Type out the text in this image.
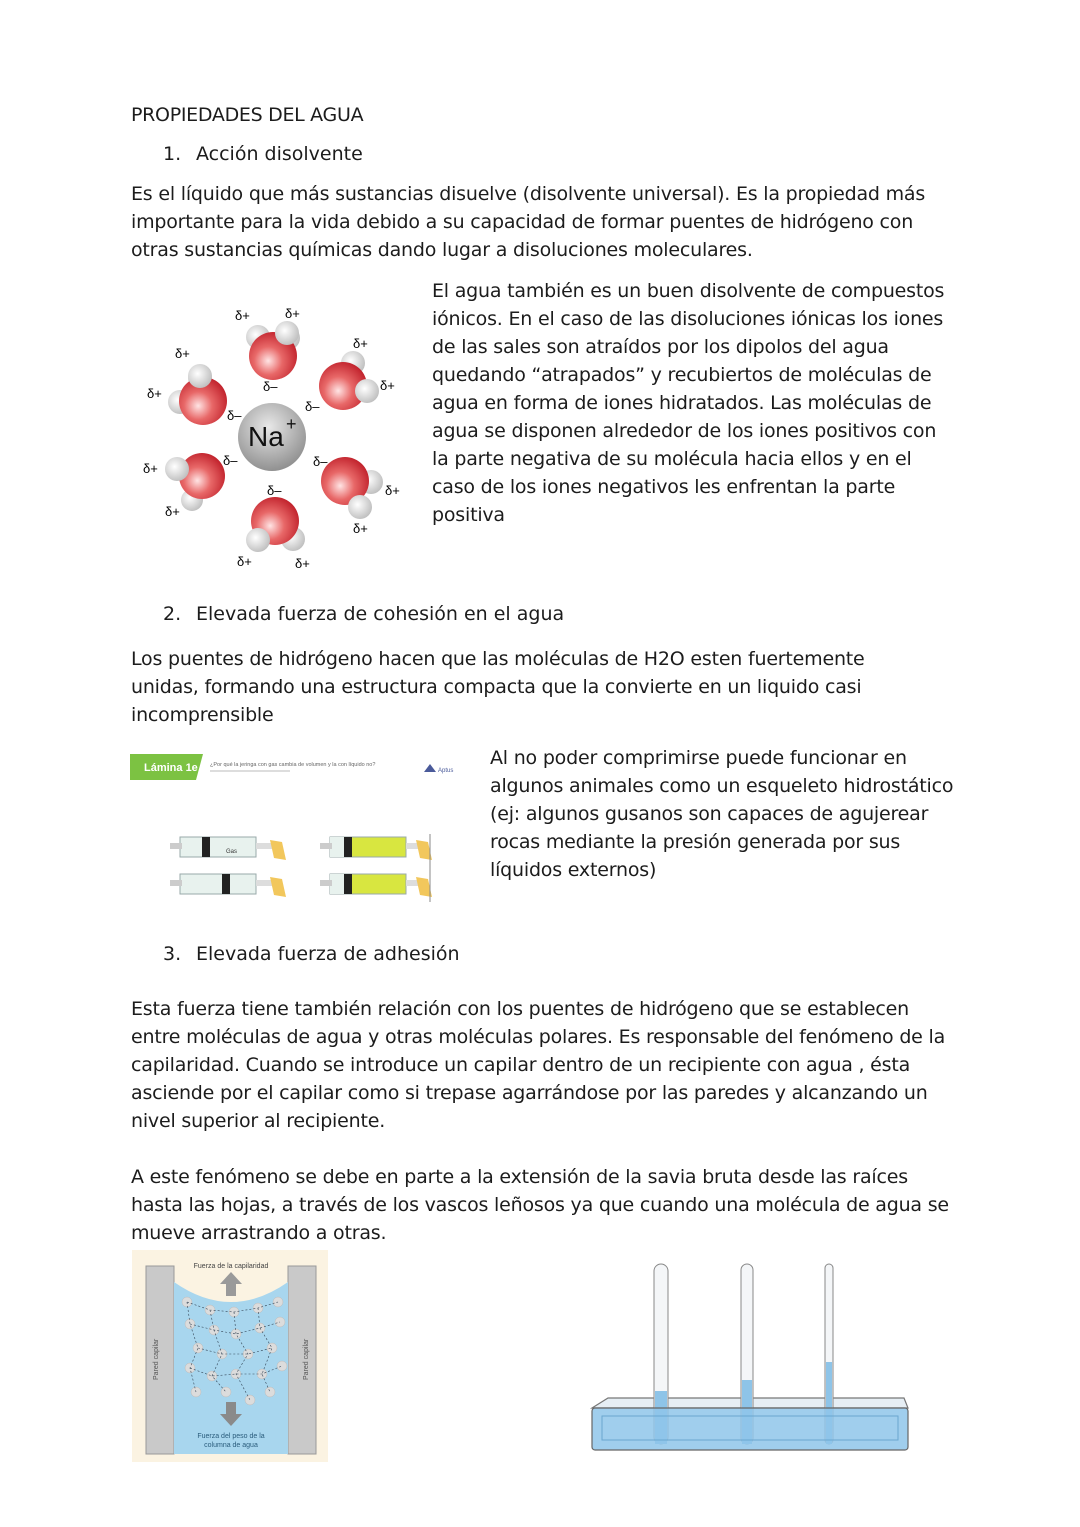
PROPIEDADES DEL AGUA
1. Acción disolvente
Es el líquido que más sustancias disuelve (disolvente universal). Es la propiedad más importante para la vida debido a su capacidad de formar puentes de hidrógeno con otras sustancias químicas dando lugar a disoluciones moleculares.
Na +
δ+	δ+
δ–
δ+
δ+
δ–
δ+
δ+
δ–
δ+
δ+
δ–
δ+
δ+
δ–
δ+	δ+
δ–
El agua también es un buen disolvente de compuestos iónicos. En el caso de las disoluciones iónicas los iones de las sales son atraídos por los dipolos del agua quedando “atrapados” y recubiertos de moléculas de agua en forma de iones hidratados. Las moléculas de agua se disponen alrededor de los iones positivos con la parte negativa de su molécula hacia ellos y en el caso de los iones negativos les enfrentan la parte positiva
2. Elevada fuerza de cohesión en el agua
Los puentes de hidrógeno hacen que las moléculas de H2O esten fuertemente unidas, formando una estructura compacta que la convierte en un liquido casi incomprensible
Lámina 1e ¿Por qué la jeringa con gas cambia de volumen y la con líquido no?
Aptus
Gas
Al no poder comprimirse puede funcionar en algunos animales como un esqueleto hidrostático (ej: algunos gusanos son capaces de agujerear rocas mediante la presión generada por sus líquidos externos)
3. Elevada fuerza de adhesión
Esta fuerza tiene también relación con los puentes de hidrógeno que se establecen entre moléculas de agua y otras moléculas polares. Es responsable del fenómeno de la capilaridad. Cuando se introduce un capilar dentro de un recipiente con agua , ésta asciende por el capilar como si trepase agarrándose por las paredes y alcanzando un nivel superior al recipiente.
A este fenómeno se debe en parte a la extensión de la savia bruta desde las raíces hasta las hojas, a través de los vascos leñosos ya que cuando una molécula de agua se mueve arrastrando a otras.
Fuerza de la capilaridad
Fuerza del peso de la
columna de agua
Pared capilar	Pared capilar
